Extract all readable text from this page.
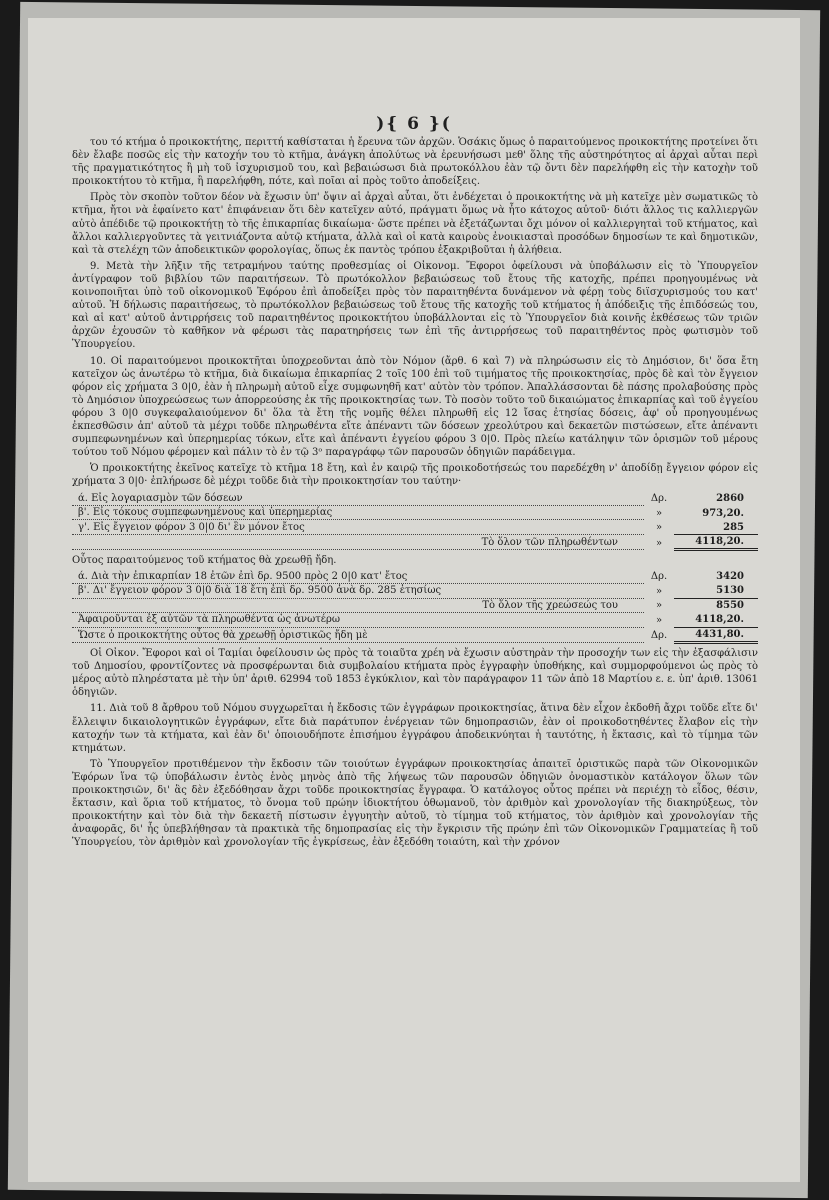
){ 6 }(

του τό κτήμα ὁ προικοκτήτης, περιττή καθίσταται ἡ ἔρευνα τῶν ἀρχῶν. Ὁσάκις ὅμως ὁ παραιτούμενος προικοκτήτης προτείνει ὅτι δὲν ἔλαβε ποσῶς εἰς τὴν κατοχήν του τὸ κτῆμα, ἀνάγκη ἀπολύτως νὰ ἐρευνήσωσι μεθ' ὅλης τῆς αὐστηρότητος αἱ ἀρχαὶ αὗται περὶ τῆς πραγματικότητος ἢ μὴ τοῦ ἰσχυρισμοῦ του, καὶ βεβαιώσωσι διὰ πρωτοκόλλου ἐὰν τῷ ὄντι δὲν παρελήφθη εἰς τὴν κατοχὴν τοῦ προικοκτήτου τὸ κτῆμα, ἢ παρελήφθη, πότε, καὶ ποῖαι αἱ πρὸς τοῦτο ἀποδείξεις.

Πρὸς τὸν σκοπὸν τοῦτον δέον νὰ ἔχωσιν ὑπ' ὄψιν αἱ ἀρχαὶ αὗται, ὅτι ἐνδέχεται ὁ προικοκτήτης νὰ μὴ κατεῖχε μὲν σωματικῶς τὸ κτῆμα, ἤτοι νὰ ἐφαίνετο κατ' ἐπιφάνειαν ὅτι δὲν κατεῖχεν αὐτό, πράγματι ὅμως νὰ ἦτο κάτοχος αὐτοῦ· διότι ἄλλος τις καλλιεργῶν αὐτὸ ἀπέδιδε τῷ προικοκτήτῃ τὸ τῆς ἐπικαρπίας δικαίωμα· ὥστε πρέπει νὰ ἐξετάζωνται ὄχι μόνον οἱ καλλιεργηταὶ τοῦ κτήματος, καὶ ἄλλοι καλλιεργοῦντες τὰ γειτνιάζοντα αὐτῷ κτήματα, ἀλλὰ καὶ οἱ κατὰ καιροὺς ἐνοικιασταὶ προσόδων δημοσίων τε καὶ δημοτικῶν, καὶ τὰ στελέχη τῶν ἀποδεικτικῶν φορολογίας, ὅπως ἐκ παντὸς τρόπου ἐξακριβοῦται ἡ ἀλήθεια.

9. Μετὰ τὴν λῆξιν τῆς τετραμήνου ταύτης προθεσμίας οἱ Οἰκονομ. Ἔφοροι ὀφείλουσι νὰ ὑποβάλωσιν εἰς τὸ Ὑπουργεῖον ἀντίγραφον τοῦ βιβλίου τῶν παραιτήσεων. Τὸ πρωτόκολλον βεβαιώσεως τοῦ ἔτους τῆς κατοχῆς, πρέπει προηγουμένως νὰ κοινοποιῆται ὑπὸ τοῦ οἰκονομικοῦ Ἐφόρου ἐπὶ ἀποδείξει πρὸς τὸν παραιτηθέντα δυνάμενον νὰ φέρῃ τοὺς διϊσχυρισμούς του κατ' αὐτοῦ. Ἡ δήλωσις παραιτήσεως, τὸ πρωτόκολλον βεβαιώσεως τοῦ ἔτους τῆς κατοχῆς τοῦ κτήματος ἡ ἀπόδειξις τῆς ἐπιδόσεώς του, καὶ αἱ κατ' αὐτοῦ ἀντιρρήσεις τοῦ παραιτηθέντος προικοκτήτου ὑποβάλλονται εἰς τὸ Ὑπουργεῖον διὰ κοινῆς ἐκθέσεως τῶν τριῶν ἀρχῶν ἐχουσῶν τὸ καθῆκον νὰ φέρωσι τὰς παρατηρήσεις των ἐπὶ τῆς ἀντιρρήσεως τοῦ παραιτηθέντος πρὸς φωτισμὸν τοῦ Ὑπουργείου.

10. Οἱ παραιτούμενοι προικοκτῆται ὑποχρεοῦνται ἀπὸ τὸν Νόμον (ἄρθ. 6 καὶ 7) νὰ πληρώσωσιν εἰς τὸ Δημόσιον, δι' ὅσα ἔτη κατεῖχον ὡς ἀνωτέρω τὸ κτῆμα, διὰ δικαίωμα ἐπικαρπίας 2 τοῖς 100 ἐπὶ τοῦ τιμήματος τῆς προικοκτησίας, πρὸς δὲ καὶ τὸν ἔγγειον φόρον εἰς χρήματα 3 0|0, ἐὰν ἡ πληρωμὴ αὐτοῦ εἶχε συμφωνηθῆ κατ' αὐτὸν τὸν τρόπον. Ἀπαλλάσσονται δὲ πάσης προλαβούσης πρὸς τὸ Δημόσιον ὑποχρεώσεως των ἀπορρεούσης ἐκ τῆς προικοκτησίας των. Τὸ ποσὸν τοῦτο τοῦ δικαιώματος ἐπικαρπίας καὶ τοῦ ἐγγείου φόρου 3 0|0 συγκεφαλαιούμενον δι' ὅλα τὰ ἔτη τῆς νομῆς θέλει πληρωθῆ εἰς 12 ἴσας ἐτησίας δόσεις, ἀφ' οὗ προηγουμένως ἐκπεσθῶσιν ἀπ' αὐτοῦ τὰ μέχρι τοῦδε πληρωθέντα εἴτε ἀπέναντι τῶν δόσεων χρεολύτρου καὶ δεκαετῶν πιστώσεων, εἴτε ἀπέναντι συμπεφωνημένων καὶ ὑπερημερίας τόκων, εἴτε καὶ ἀπέναντι ἐγγείου φόρου 3 0|0. Πρὸς πλείω κατάληψιν τῶν ὁρισμῶν τοῦ μέρους τούτου τοῦ Νόμου φέρομεν καὶ πάλιν τὸ ἐν τῷ 3ᵒ παραγράφῳ τῶν παρουσῶν ὁδηγιῶν παράδειγμα.

Ὁ προικοκτήτης ἐκεῖνος κατεῖχε τὸ κτῆμα 18 ἔτη, καὶ ἐν καιρῷ τῆς προικοδοτήσεώς του παρεδέχθη ν' ἀποδίδῃ ἔγγειον φόρον εἰς χρήματα 3 0|0· ἐπλήρωσε δὲ μέχρι τοῦδε διὰ τὴν προικοκτησίαν του ταύτην·

ά. Εἰς λογαριασμὸν τῶν δόσεων	Δρ.	2860
β'. Εἰς τόκους συμπεφωνημένους καὶ ὑπερημερίας	»	973,20.
γ'. Εἰς ἔγγειον φόρον 3 0|0 δι' ἓν μόνον ἔτος	»	285
Τὸ ὅλον τῶν πληρωθέντων	»	4118,20.

Οὗτος παραιτούμενος τοῦ κτήματος θὰ χρεωθῇ ἤδη.

ά. Διὰ τὴν ἐπικαρπίαν 18 ἐτῶν ἐπὶ δρ. 9500 πρὸς 2 0|0 κατ' ἔτος	Δρ.	3420
β'. Δι' ἔγγειον φόρον 3 0|0 διὰ 18 ἔτη ἐπὶ δρ. 9500 ἀνὰ δρ. 285 ἐτησίως	»	5130
Τὸ ὅλον τῆς χρεώσεώς του	»	8550
Ἀφαιροῦνται ἐξ αὐτῶν τὰ πληρωθέντα ὡς ἀνωτέρω	»	4118,20.
Ὥστε ὁ προικοκτήτης οὗτος θὰ χρεωθῇ ὁριστικῶς ἤδη μὲ	Δρ.	4431,80.

Οἱ Οἰκον. Ἔφοροι καὶ οἱ Ταμίαι ὀφείλουσιν ὡς πρὸς τὰ τοιαῦτα χρέη νὰ ἔχωσιν αὐστηρὰν τὴν προσοχήν των εἰς τὴν ἐξασφάλισιν τοῦ Δημοσίου, φροντίζοντες νὰ προσφέρωνται διὰ συμβολαίου κτήματα πρὸς ἐγγραφὴν ὑποθήκης, καὶ συμμορφούμενοι ὡς πρὸς τὸ μέρος αὐτὸ πληρέστατα μὲ τὴν ὑπ' ἀριθ. 62994 τοῦ 1853 ἐγκύκλιον, καὶ τὸν παράγραφον 11 τῶν ἀπὸ 18 Μαρτίου ε. ε. ὑπ' ἀριθ. 13061 ὁδηγιῶν.

11. Διὰ τοῦ 8 ἄρθρου τοῦ Νόμου συγχωρεῖται ἡ ἔκδοσις τῶν ἐγγράφων προικοκτησίας, ἅτινα δὲν εἶχον ἐκδοθῆ ἄχρι τοῦδε εἴτε δι' ἔλλειψιν δικαιολογητικῶν ἐγγράφων, εἴτε διὰ παράτυπον ἐνέργειαν τῶν δημοπρασιῶν, ἐὰν οἱ προικοδοτηθέντες ἔλαβον εἰς τὴν κατοχήν των τὰ κτήματα, καὶ ἐὰν δι' ὁποιουδήποτε ἐπισήμου ἐγγράφου ἀποδεικνύηται ἡ ταυτότης, ἡ ἔκτασις, καὶ τὸ τίμημα τῶν κτημάτων.

Τὸ Ὑπουργεῖον προτιθέμενον τὴν ἔκδοσιν τῶν τοιούτων ἐγγράφων προικοκτησίας ἀπαιτεῖ ὁριστικῶς παρὰ τῶν Οἰκονομικῶν Ἐφόρων ἵνα τῷ ὑποβάλωσιν ἐντὸς ἑνὸς μηνὸς ἀπὸ τῆς λήψεως τῶν παρουσῶν ὁδηγιῶν ὀνομαστικὸν κατάλογον ὅλων τῶν προικοκτησιῶν, δι' ἃς δὲν ἐξεδόθησαν ἄχρι τοῦδε προικοκτησίας ἔγγραφα. Ὁ κατάλογος οὗτος πρέπει νὰ περιέχῃ τὸ εἶδος, θέσιν, ἔκτασιν, καὶ ὅρια τοῦ κτήματος, τὸ ὄνομα τοῦ πρώην ἰδιοκτήτου ὀθωμανοῦ, τὸν ἀριθμὸν καὶ χρονολογίαν τῆς διακηρύξεως, τὸν προικοκτήτην καὶ τὸν διὰ τὴν δεκαετῆ πίστωσιν ἐγγυητὴν αὐτοῦ, τὸ τίμημα τοῦ κτήματος, τὸν ἀριθμὸν καὶ χρονολογίαν τῆς ἀναφορᾶς, δι' ἧς ὑπεβλήθησαν τὰ πρακτικὰ τῆς δημοπρασίας εἰς τὴν ἔγκρισιν τῆς πρώην ἐπὶ τῶν Οἰκονομικῶν Γραμματείας ἢ τοῦ Ὑπουργείου, τὸν ἀριθμὸν καὶ χρονολογίαν τῆς ἐγκρίσεως, ἐὰν ἐξεδόθη τοιαύτη, καὶ τὴν χρόνον
